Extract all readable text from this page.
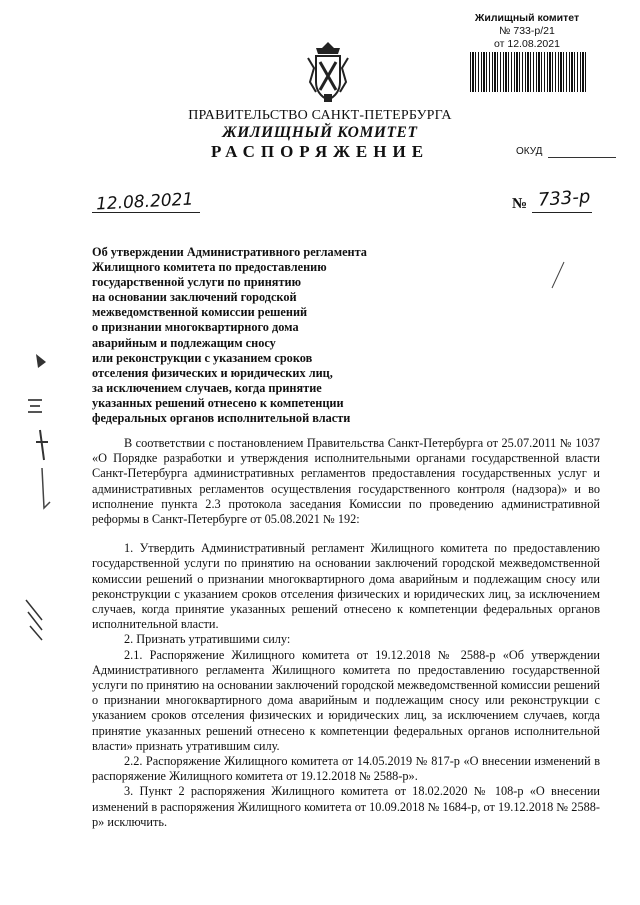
Жилищный комитет
№ 733-р/21
от 12.08.2021
ПРАВИТЕЛЬСТВО САНКТ-ПЕТЕРБУРГА
ЖИЛИЩНЫЙ КОМИТЕТ
РАСПОРЯЖЕНИЕ	ОКУД
12.08.2021	№ 733-р
Об утверждении Административного регламента
Жилищного комитета по предоставлению
государственной услуги по принятию
на основании заключений городской
межведомственной комиссии решений
о признании многоквартирного дома
аварийным и подлежащим сносу
или реконструкции с указанием сроков
отселения физических и юридических лиц,
за исключением случаев, когда принятие
указанных решений отнесено к компетенции
федеральных органов исполнительной власти

В соответствии с постановлением Правительства Санкт-Петербурга от 25.07.2011 № 1037 «О Порядке разработки и утверждения исполнительными органами государственной власти Санкт-Петербурга административных регламентов предоставления государственных услуг и административных регламентов осуществления государственного контроля (надзора)» и во исполнение пункта 2.3 протокола заседания Комиссии по проведению административной реформы в Санкт-Петербурге от 05.08.2021 № 192:

1. Утвердить Административный регламент Жилищного комитета по предоставлению государственной услуги по принятию на основании заключений городской межведомственной комиссии решений о признании многоквартирного дома аварийным и подлежащим сносу или реконструкции с указанием сроков отселения физических и юридических лиц, за исключением случаев, когда принятие указанных решений отнесено к компетенции федеральных органов исполнительной власти.

2. Признать утратившими силу:

2.1. Распоряжение Жилищного комитета от 19.12.2018 № 2588-р «Об утверждении Административного регламента Жилищного комитета по предоставлению государственной услуги по принятию на основании заключений городской межведомственной комиссии решений о признании многоквартирного дома аварийным и подлежащим сносу или реконструкции с указанием сроков отселения физических и юридических лиц, за исключением случаев, когда принятие указанных решений отнесено к компетенции федеральных органов исполнительной власти» признать утратившим силу.

2.2. Распоряжение Жилищного комитета от 14.05.2019 № 817-р «О внесении изменений в распоряжение Жилищного комитета от 19.12.2018 № 2588-р».

3. Пункт 2 распоряжения Жилищного комитета от 18.02.2020 № 108-р «О внесении изменений в распоряжения Жилищного комитета от 10.09.2018 № 1684-р, от 19.12.2018 № 2588-р» исключить.
